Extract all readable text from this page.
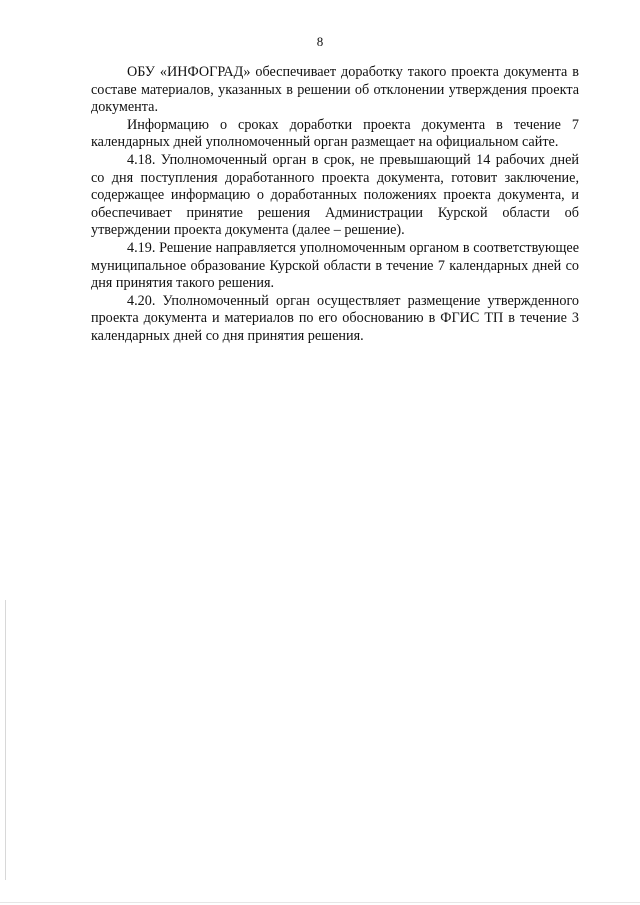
8

ОБУ «ИНФОГРАД» обеспечивает доработку такого проекта документа в составе материалов, указанных в решении об отклонении утверждения проекта документа.

Информацию о сроках доработки проекта документа в течение 7 календарных дней уполномоченный орган размещает на официальном сайте.

4.18. Уполномоченный орган в срок, не превышающий 14 рабочих дней со дня поступления доработанного проекта документа, готовит заключение, содержащее информацию о доработанных положениях проекта документа, и обеспечивает принятие решения Администрации Курской области об утверждении проекта документа (далее – решение).

4.19. Решение направляется уполномоченным органом в соответствующее муниципальное образование Курской области в течение 7 календарных дней со дня принятия такого решения.

4.20. Уполномоченный орган осуществляет размещение утвержденного проекта документа и материалов по его обоснованию в ФГИС ТП в течение 3 календарных дней со дня принятия решения.
